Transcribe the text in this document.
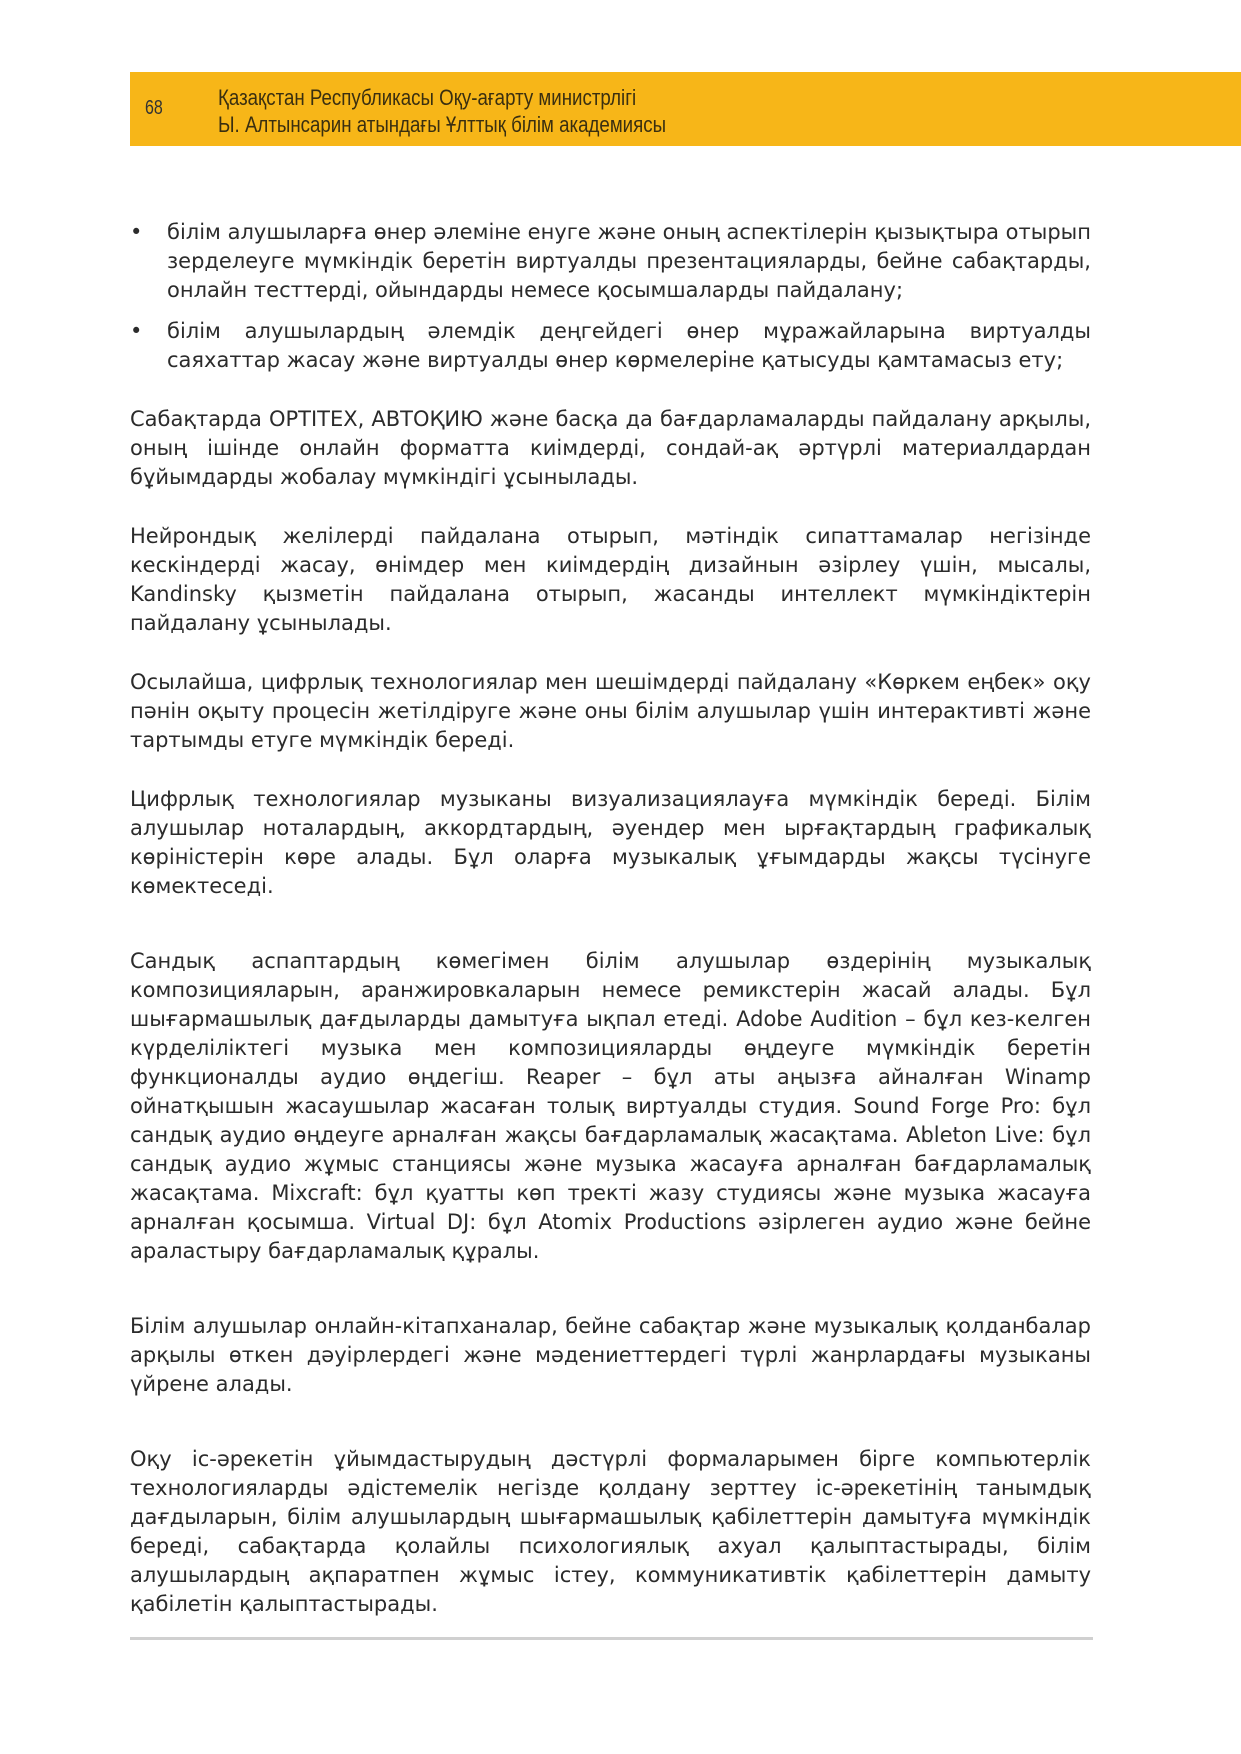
68	Қазақстан Республикасы Оқу-ағарту министрлігі
Ы. Алтынсарин атындағы Ұлттық білім академиясы
• білім алушыларға өнер әлеміне енуге және оның аспектілерін қызықтыра отырып зерделеуге мүмкіндік беретін виртуалды презентацияларды, бейне сабақтарды, онлайн тесттерді, ойындарды немесе қосымшаларды пайдалану;
• білім алушылардың әлемдік деңгейдегі өнер мұражайларына виртуалды саяхаттар жасау және виртуалды өнер көрмелеріне қатысуды қамтамасыз ету;

Сабақтарда OPTITEX, АВТОҚИЮ және басқа да бағдарламаларды пайдалану арқылы, оның ішінде онлайн форматта киімдерді, сондай-ақ әртүрлі материалдардан бұйымдарды жобалау мүмкіндігі ұсынылады.

Нейрондық желілерді пайдалана отырып, мәтіндік сипаттамалар негізінде кескіндерді жасау, өнімдер мен киімдердің дизайнын әзірлеу үшін, мысалы, Kandinsky қызметін пайдалана отырып, жасанды интеллект мүмкіндіктерін пайдалану ұсынылады.

Осылайша, цифрлық технологиялар мен шешімдерді пайдалану «Көркем еңбек» оқу пәнін оқыту процесін жетілдіруге және оны білім алушылар үшін интерактивті және тартымды етуге мүмкіндік береді.

Цифрлық технологиялар музыканы визуализациялауға мүмкіндік береді. Білім алушылар ноталардың, аккордтардың, әуендер мен ырғақтардың графикалық көріністерін көре алады. Бұл оларға музыкалық ұғымдарды жақсы түсінуге көмектеседі.

Сандық аспаптардың көмегімен білім алушылар өздерінің музыкалық композицияларын, аранжировкаларын немесе ремикстерін жасай алады. Бұл шығармашылық дағдыларды дамытуға ықпал етеді. Adobe Audition – бұл кез-келген күрделіліктегі музыка мен композицияларды өңдеуге мүмкіндік беретін функционалды аудио өңдегіш. Reaper – бұл аты аңызға айналған Winamp ойнатқышын жасаушылар жасаған толық виртуалды студия. Sound Forge Pro: бұл сандық аудио өңдеуге арналған жақсы бағдарламалық жасақтама. Ableton Live: бұл сандық аудио жұмыс станциясы және музыка жасауға арналған бағдарламалық жасақтама. Mixcraft: бұл қуатты көп тректі жазу студиясы және музыка жасауға арналған қосымша. Virtual DJ: бұл Atomix Productions әзірлеген аудио және бейне араластыру бағдарламалық құралы.

Білім алушылар онлайн-кітапханалар, бейне сабақтар және музыкалық қолданбалар арқылы өткен дәуірлердегі және мәдениеттердегі түрлі жанрлардағы музыканы үйрене алады.

Оқу іс-әрекетін ұйымдастырудың дәстүрлі формаларымен бірге компьютерлік технологияларды әдістемелік негізде қолдану зерттеу іс-әрекетінің танымдық дағдыларын, білім алушылардың шығармашылық қабілеттерін дамытуға мүмкіндік береді, сабақтарда қолайлы психологиялық ахуал қалыптастырады, білім алушылардың ақпаратпен жұмыс істеу, коммуникативтік қабілеттерін дамыту қабілетін қалыптастырады.
